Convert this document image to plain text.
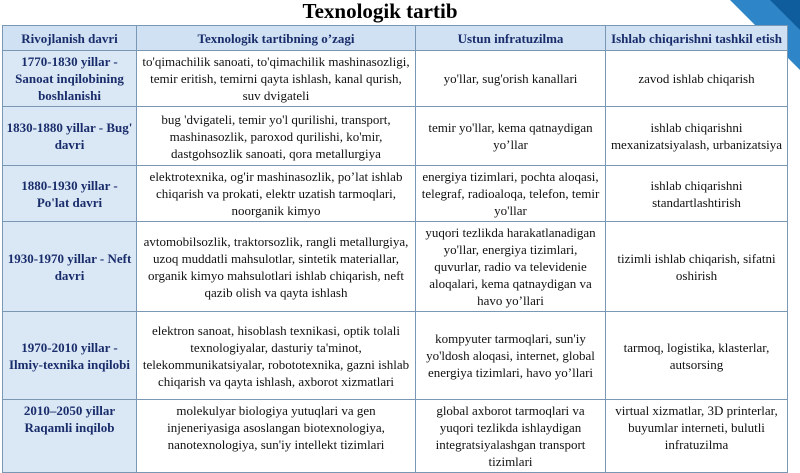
Texnologik tartib
Rivojlanish davri	Texnologik tartibning o’zagi	Ustun infratuzilma	Ishlab chiqarishni tashkil etish
1770-1830 yillar - Sanoat inqilobining boshlanishi	to'qimachilik sanoati, to'qimachilik mashinasozligi, temir eritish, temirni qayta ishlash, kanal qurish, suv dvigateli	yo'llar, sug'orish kanallari	zavod ishlab chiqarish
1830-1880 yillar - Bug' davri	bug 'dvigateli, temir yo'l qurilishi, transport, mashinasozlik, paroxod qurilishi, ko'mir, dastgohsozlik sanoati, qora metallurgiya	temir yo'llar, kema qatnaydigan yo’llar	ishlab chiqarishni mexanizatsiyalash, urbanizatsiya
1880-1930 yillar - Po'lat davri	elektrotexnika, og'ir mashinasozlik, po’lat ishlab chiqarish va prokati, elektr uzatish tarmoqlari, noorganik kimyo	energiya tizimlari, pochta aloqasi, telegraf, radioaloqa, telefon, temir yo'llar	ishlab chiqarishni standartlashtirish
1930-1970 yillar - Neft davri	avtomobilsozlik, traktorsozlik, rangli metallurgiya, uzoq muddatli mahsulotlar, sintetik materiallar, organik kimyo mahsulotlari ishlab chiqarish, neft qazib olish va qayta ishlash	yuqori tezlikda harakatlanadigan yo'llar, energiya tizimlari, quvurlar, radio va televidenie aloqalari, kema qatnaydigan va havo yo’llari	tizimli ishlab chiqarish, sifatni oshirish
1970-2010 yillar - Ilmiy-texnika inqilobi	elektron sanoat, hisoblash texnikasi, optik tolali texnologiyalar, dasturiy ta'minot, telekommunikatsiyalar, robototexnika, gazni ishlab chiqarish va qayta ishlash, axborot xizmatlari	kompyuter tarmoqlari, sun'iy yo'ldosh aloqasi, internet, global energiya tizimlari, havo yo’llari	tarmoq, logistika, klasterlar, autsorsing
2010–2050 yillar Raqamli inqilob	molekulyar biologiya yutuqlari va gen injeneriyasiga asoslangan biotexnologiya, nanotexnologiya, sun'iy intellekt tizimlari	global axborot tarmoqlari va yuqori tezlikda ishlaydigan integratsiyalashgan transport tizimlari	virtual xizmatlar, 3D printerlar, buyumlar interneti, bulutli infratuzilma
